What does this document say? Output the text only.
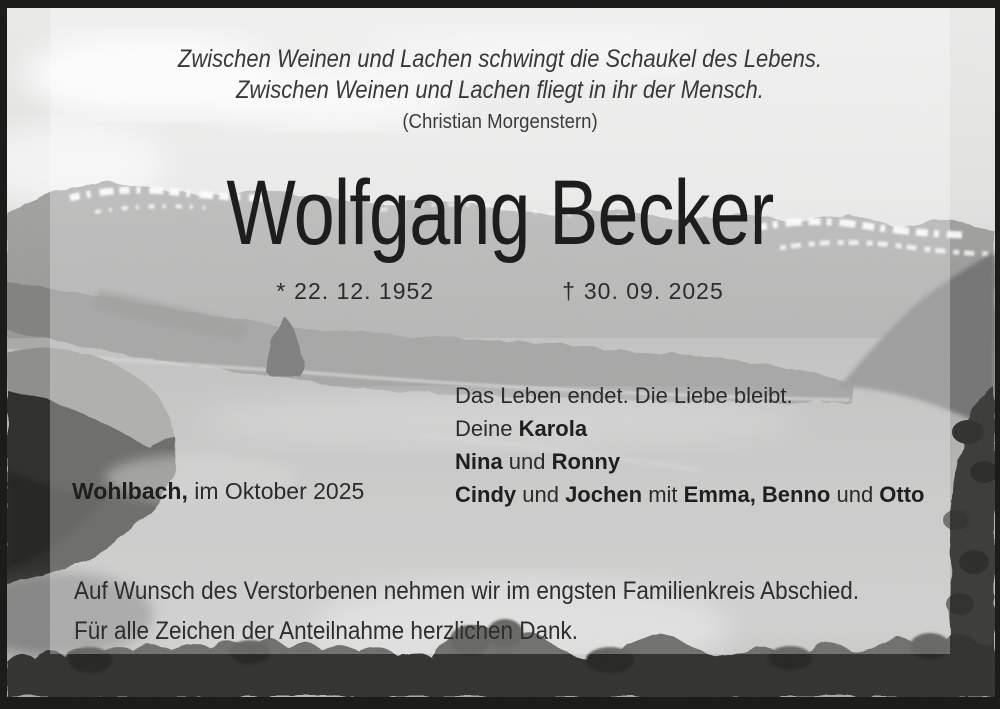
Zwischen Weinen und Lachen schwingt die Schaukel des Lebens.
Zwischen Weinen und Lachen fliegt in ihr der Mensch.
(Christian Morgenstern)
Wolfgang Becker
* 22. 12. 1952	† 30. 09. 2025
Das Leben endet. Die Liebe bleibt.
Deine Karola
Nina und Ronny
Cindy und Jochen mit Emma, Benno und Otto
Wohlbach, im Oktober 2025
Auf Wunsch des Verstorbenen nehmen wir im engsten Familienkreis Abschied.
Für alle Zeichen der Anteilnahme herzlichen Dank.
